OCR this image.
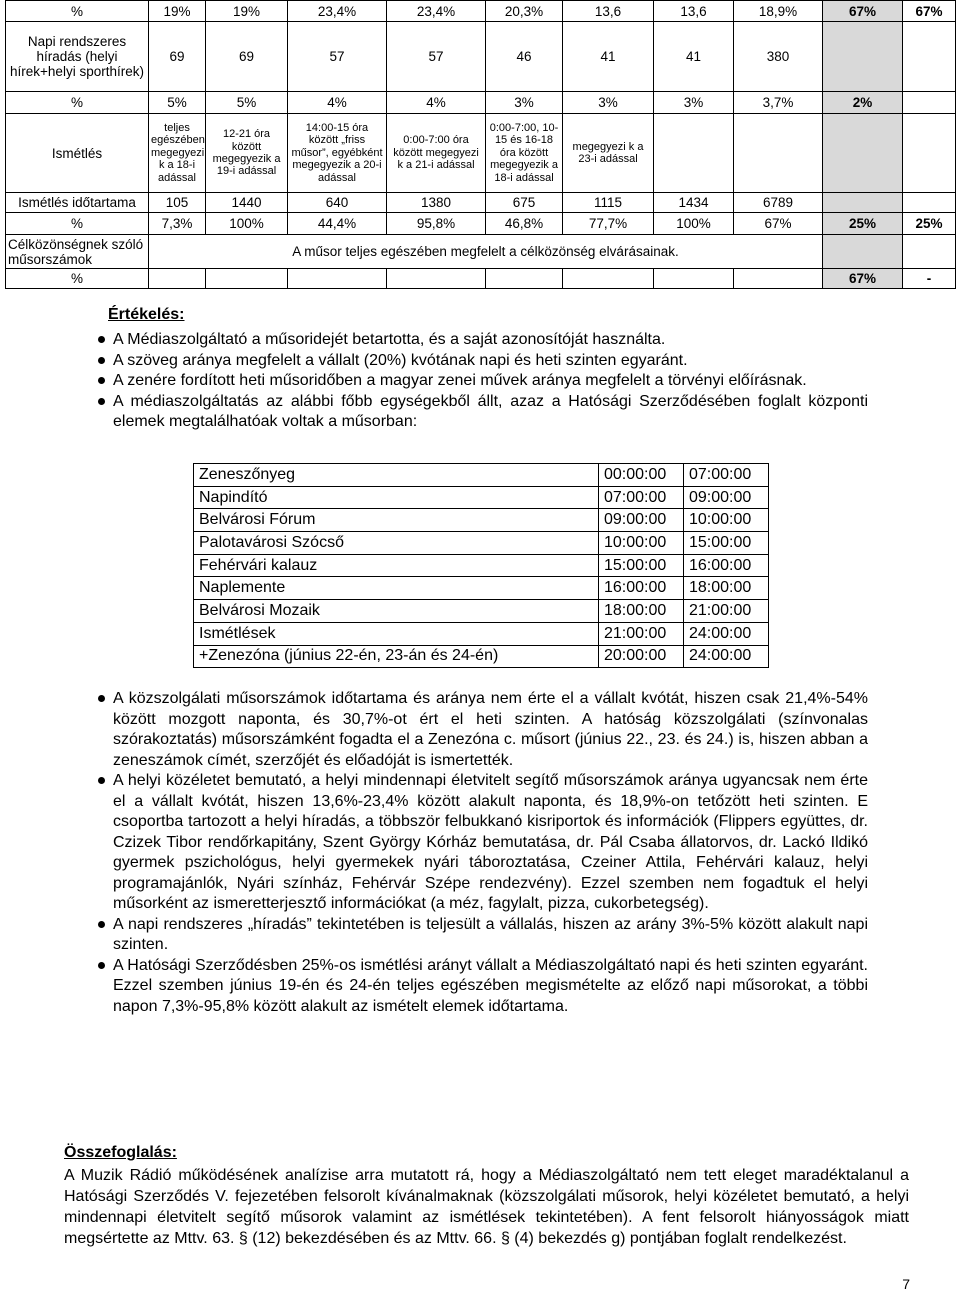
%	19%	19%	23,4%	23,4%	20,3%	13,6	13,6	18,9%	67%	67%
Napi rendszeres híradás (helyi hírek+helyi sporthírek)	69	69	57	57	46	41	41	380		
%	5%	5%	4%	4%	3%	3%	3%	3,7%	2%	
Ismétlés	teljes egészében megegyezi k a 18-i adással	12-21 óra között megegyezik a 19-i adással	14:00-15 óra között „friss műsor”, egyébként megegyezik a 20-i adással	0:00-7:00 óra között megegyezi k a 21-i adással	0:00-7:00, 10-15 és 16-18 óra között megegyezik a 18-i adással	megegyezi k a 23-i adással				
Ismétlés időtartama	105	1440	640	1380	675	1115	1434	6789		
%	7,3%	100%	44,4%	95,8%	46,8%	77,7%	100%	67%	25%	25%
Célközönségnek szóló műsorszámok	A műsor teljes egészében megfelelt a célközönség elvárásainak.									
%									67%	-
Értékelés:
A Médiaszolgáltató a műsoridejét betartotta, és a saját azonosítóját használta.
A szöveg aránya megfelelt a vállalt (20%) kvótának napi és heti szinten egyaránt.
A zenére fordított heti műsoridőben a magyar zenei művek aránya megfelelt a törvényi előírásnak.
A médiaszolgáltatás az alábbi főbb egységekből állt, azaz a Hatósági Szerződésében foglalt központi elemek megtalálhatóak voltak a műsorban:
Zeneszőnyeg	00:00:00	07:00:00
Napindító	07:00:00	09:00:00
Belvárosi Fórum	09:00:00	10:00:00
Palotavárosi Szócső	10:00:00	15:00:00
Fehérvári kalauz	15:00:00	16:00:00
Naplemente	16:00:00	18:00:00
Belvárosi Mozaik	18:00:00	21:00:00
Ismétlések	21:00:00	24:00:00
+Zenezóna (június 22-én, 23-án és 24-én)	20:00:00	24:00:00
A közszolgálati műsorszámok időtartama és aránya nem érte el a vállalt kvótát, hiszen csak 21,4%-54% között mozgott naponta, és 30,7%-ot ért el heti szinten. A hatóság közszolgálati (színvonalas szórakoztatás) műsorszámként fogadta el a Zenezóna c. műsort (június 22., 23. és 24.) is, hiszen abban a zeneszámok címét, szerzőjét és előadóját is ismertették.
A helyi közéletet bemutató, a helyi mindennapi életvitelt segítő műsorszámok aránya ugyancsak nem érte el a vállalt kvótát, hiszen 13,6%-23,4% között alakult naponta, és 18,9%-on tetőzött heti szinten. E csoportba tartozott a helyi híradás, a többször felbukkanó kisriportok és információk (Flippers együttes, dr. Czizek Tibor rendőrkapitány, Szent György Kórház bemutatása, dr. Pál Csaba állatorvos, dr. Lackó Ildikó gyermek pszichológus, helyi gyermekek nyári táboroztatása, Czeiner Attila, Fehérvári kalauz, helyi programajánlók, Nyári színház, Fehérvár Szépe rendezvény). Ezzel szemben nem fogadtuk el helyi műsorként az ismeretterjesztő információkat (a méz, fagylalt, pizza, cukorbetegség).
A napi rendszeres „híradás” tekintetében is teljesült a vállalás, hiszen az arány 3%-5% között alakult napi szinten.
A Hatósági Szerződésben 25%-os ismétlési arányt vállalt a Médiaszolgáltató napi és heti szinten egyaránt. Ezzel szemben június 19-én és 24-én teljes egészében megismételte az előző napi műsorokat, a többi napon 7,3%-95,8% között alakult az ismételt elemek időtartama.
Összefoglalás:

A Muzik Rádió működésének analízise arra mutatott rá, hogy a Médiaszolgáltató nem tett eleget maradéktalanul a Hatósági Szerződés V. fejezetében felsorolt kívánalmaknak (közszolgálati műsorok, helyi közéletet bemutató, a helyi mindennapi életvitelt segítő műsorok valamint az ismétlések tekintetében). A fent felsorolt hiányosságok miatt megsértette az Mttv. 63. § (12) bekezdésében és az Mttv. 66. § (4) bekezdés g) pontjában foglalt rendelkezést.

7
